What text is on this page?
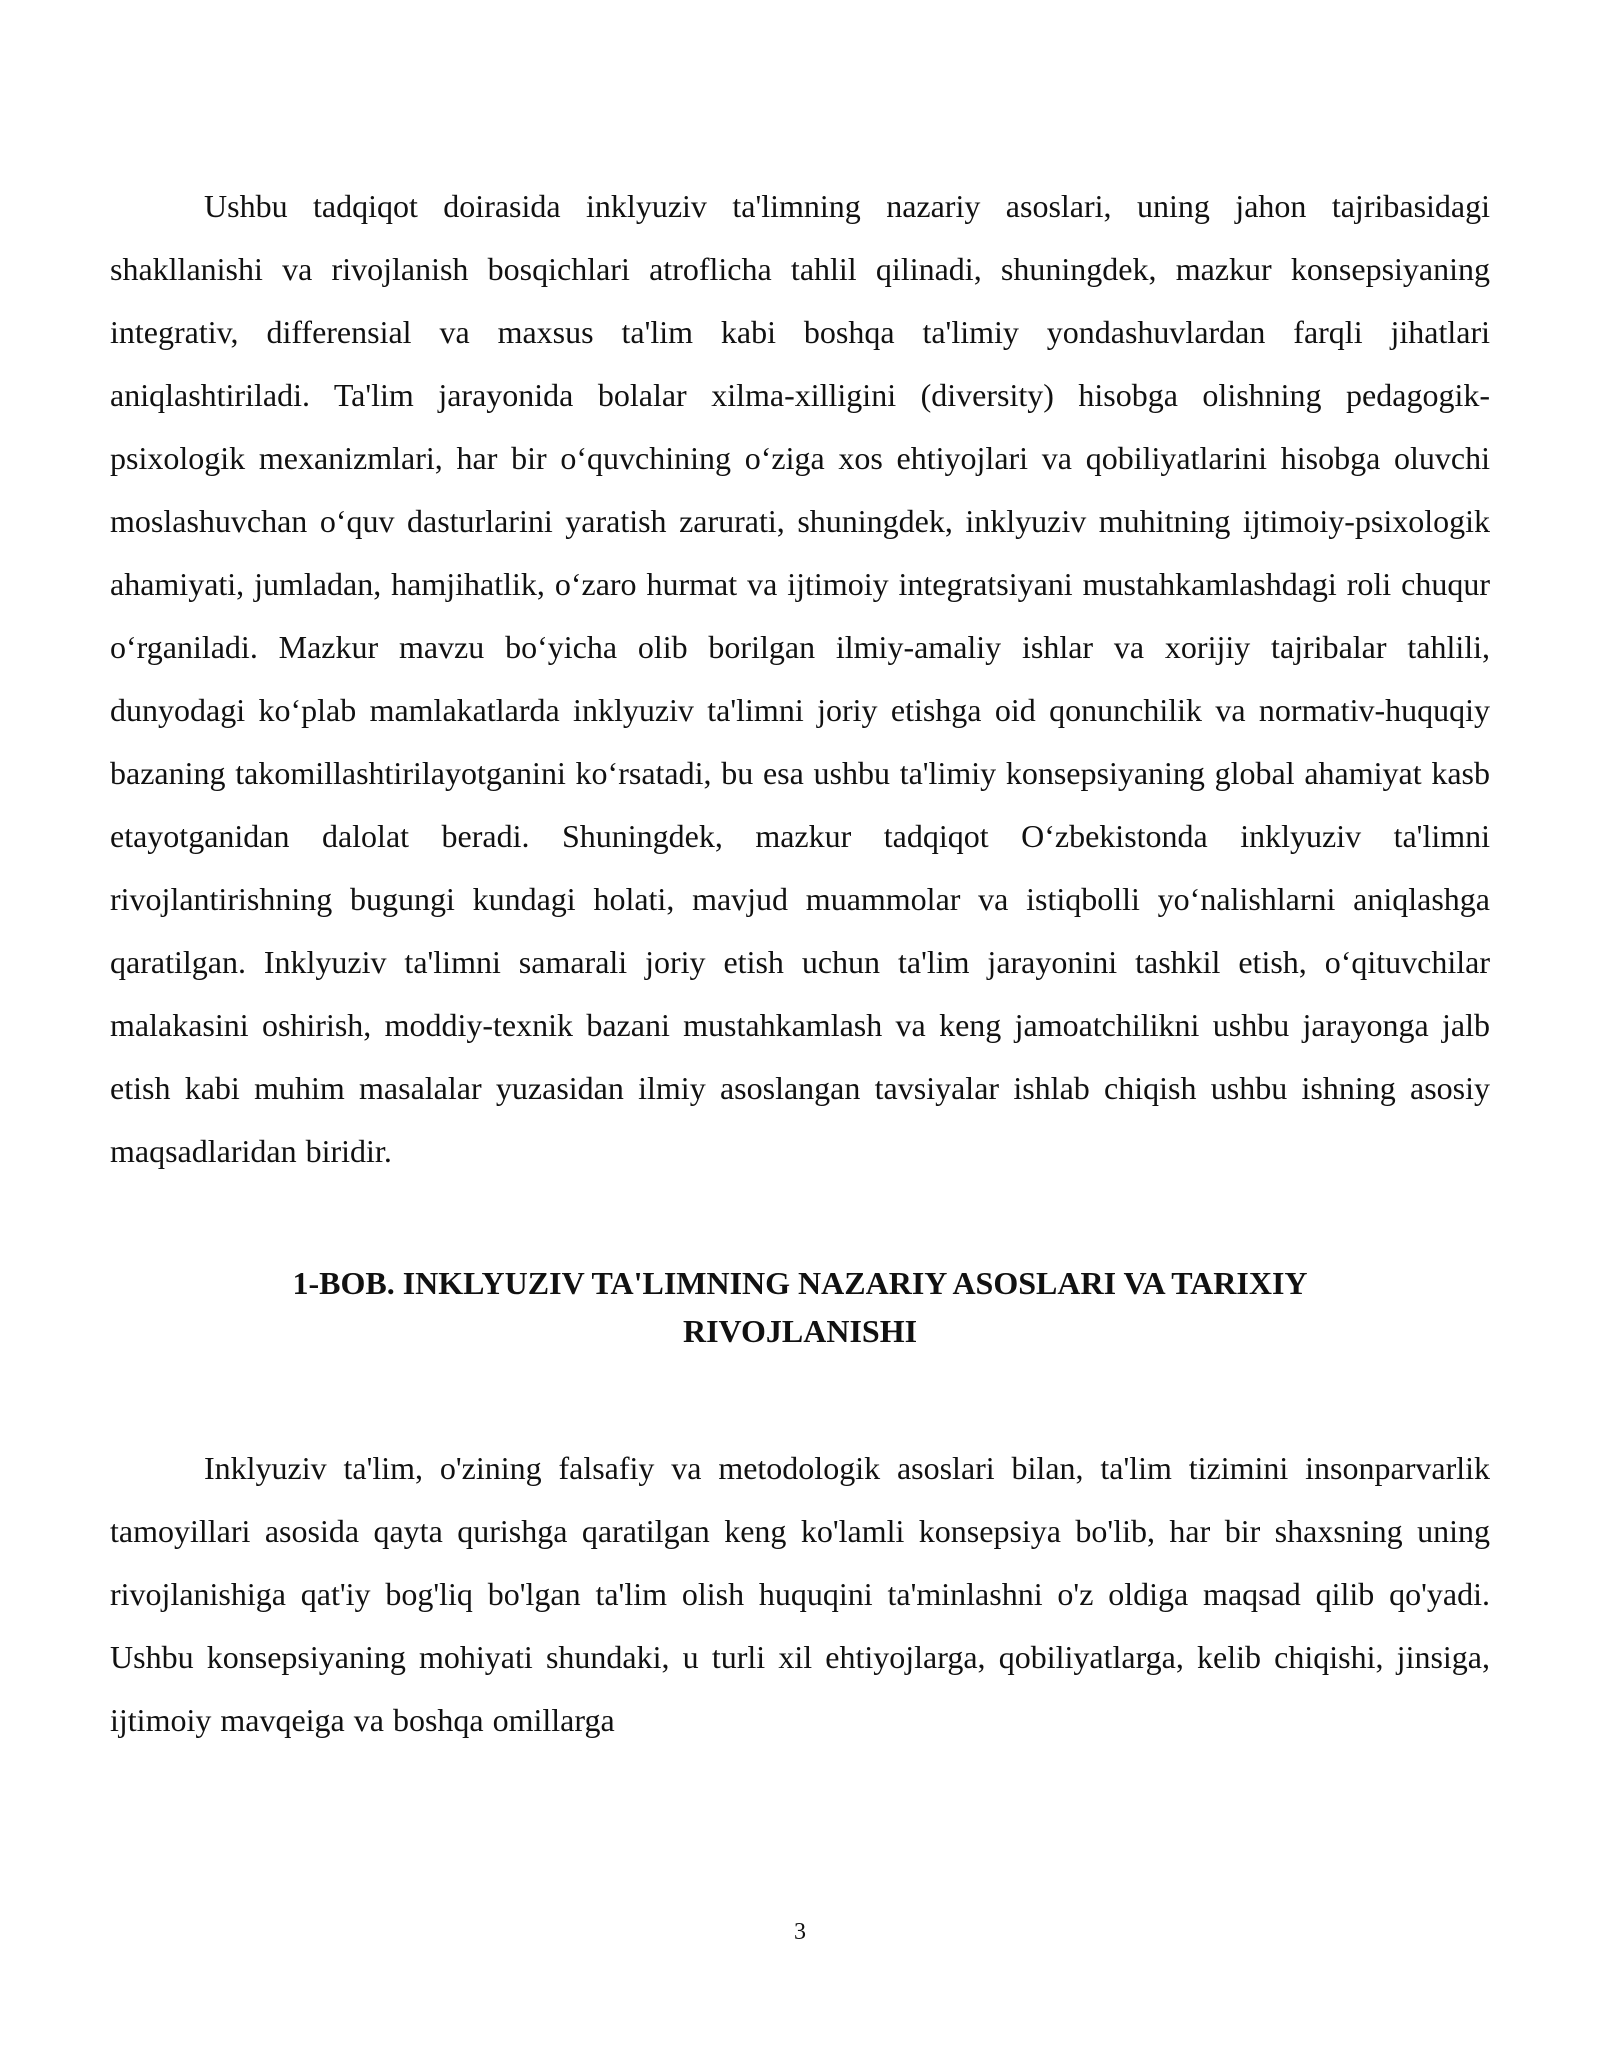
Ushbu tadqiqot doirasida inklyuziv ta'limning nazariy asoslari, uning jahon tajribasidagi shakllanishi va rivojlanish bosqichlari atroflicha tahlil qilinadi, shuningdek, mazkur konsepsiyaning integrativ, differensial va maxsus ta'lim kabi boshqa ta'limiy yondashuvlardan farqli jihatlari aniqlashtiriladi. Ta'lim jarayonida bolalar xilma-xilligini (diversity) hisobga olishning pedagogik-psixologik mexanizmlari, har bir o‘quvchining o‘ziga xos ehtiyojlari va qobiliyatlarini hisobga oluvchi moslashuvchan o‘quv dasturlarini yaratish zarurati, shuningdek, inklyuziv muhitning ijtimoiy-psixologik ahamiyati, jumladan, hamjihatlik, o‘zaro hurmat va ijtimoiy integratsiyani mustahkamlashdagi roli chuqur o‘rganiladi. Mazkur mavzu bo‘yicha olib borilgan ilmiy-amaliy ishlar va xorijiy tajribalar tahlili, dunyodagi ko‘plab mamlakatlarda inklyuziv ta'limni joriy etishga oid qonunchilik va normativ-huquqiy bazaning takomillashtirilayotganini ko‘rsatadi, bu esa ushbu ta'limiy konsepsiyaning global ahamiyat kasb etayotganidan dalolat beradi. Shuningdek, mazkur tadqiqot O‘zbekistonda inklyuziv ta'limni rivojlantirishning bugungi kundagi holati, mavjud muammolar va istiqbolli yo‘nalishlarni aniqlashga qaratilgan. Inklyuziv ta'limni samarali joriy etish uchun ta'lim jarayonini tashkil etish, o‘qituvchilar malakasini oshirish, moddiy-texnik bazani mustahkamlash va keng jamoatchilikni ushbu jarayonga jalb etish kabi muhim masalalar yuzasidan ilmiy asoslangan tavsiyalar ishlab chiqish ushbu ishning asosiy maqsadlaridan biridir.

1-BOB. INKLYUZIV TA'LIMNING NAZARIY ASOSLARI VA TARIXIY
RIVOJLANISHI

Inklyuziv ta'lim, o'zining falsafiy va metodologik asoslari bilan, ta'lim tizimini insonparvarlik tamoyillari asosida qayta qurishga qaratilgan keng ko'lamli konsepsiya bo'lib, har bir shaxsning uning rivojlanishiga qat'iy bog'liq bo'lgan ta'lim olish huquqini ta'minlashni o'z oldiga maqsad qilib qo'yadi. Ushbu konsepsiyaning mohiyati shundaki, u turli xil ehtiyojlarga, qobiliyatlarga, kelib chiqishi, jinsiga, ijtimoiy mavqeiga va boshqa omillarga

3
